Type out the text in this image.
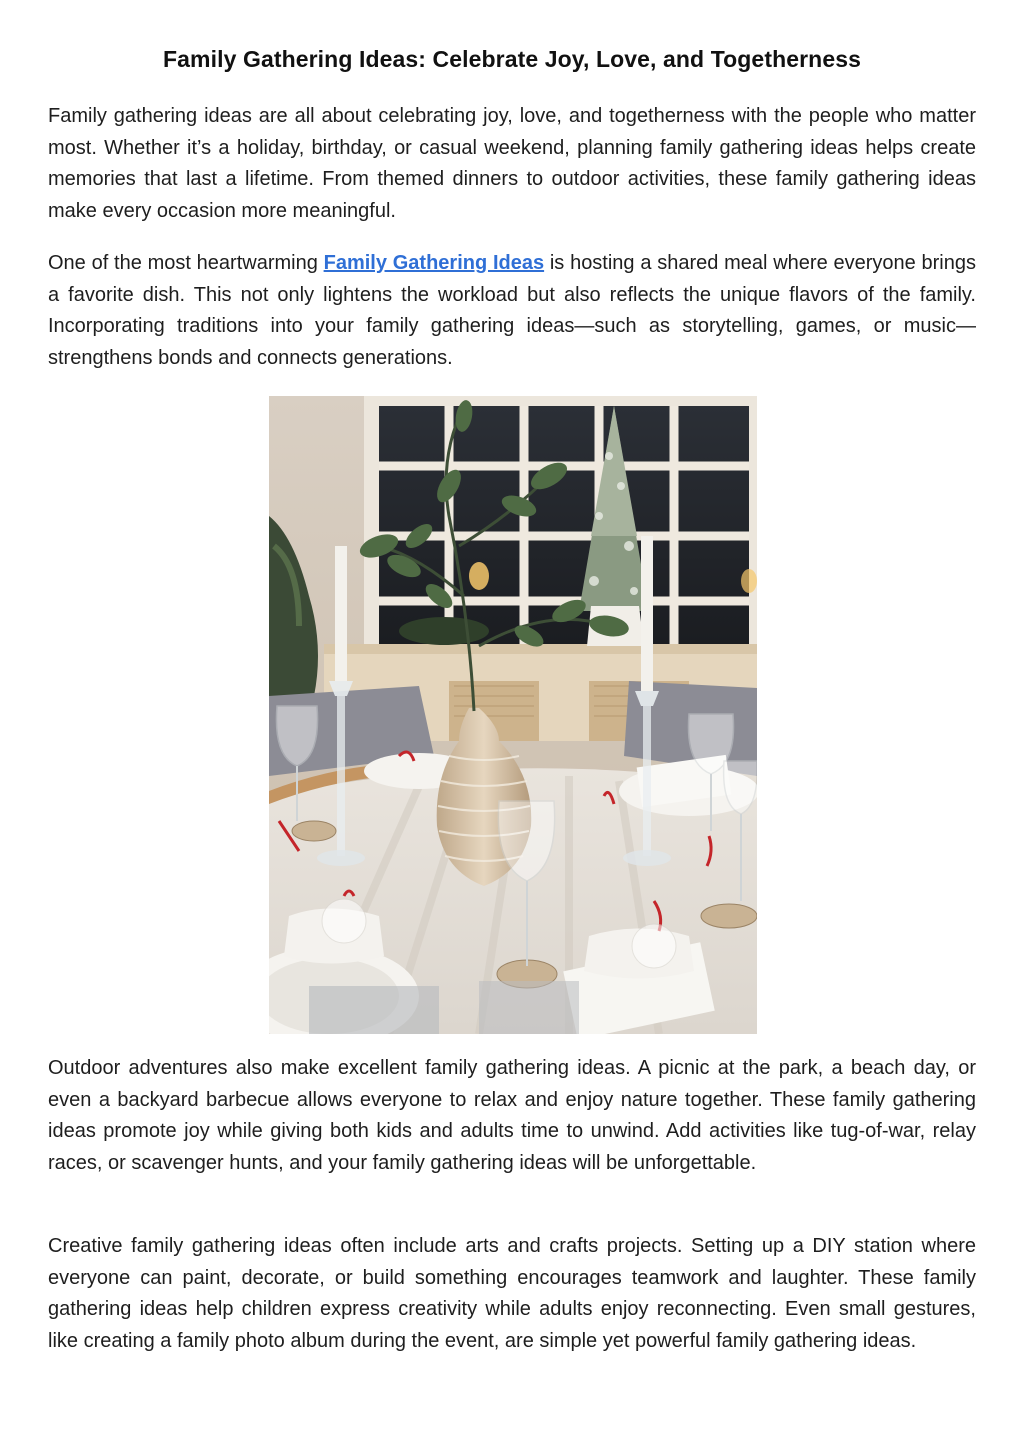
Family Gathering Ideas: Celebrate Joy, Love, and Togetherness

Family gathering ideas are all about celebrating joy, love, and togetherness with the people who matter most. Whether it’s a holiday, birthday, or casual weekend, planning family gathering ideas helps create memories that last a lifetime. From themed dinners to outdoor activities, these family gathering ideas make every occasion more meaningful.

One of the most heartwarming Family Gathering Ideas is hosting a shared meal where everyone brings a favorite dish. This not only lightens the workload but also reflects the unique flavors of the family. Incorporating traditions into your family gathering ideas—such as storytelling, games, or music—strengthens bonds and connects generations.

Outdoor adventures also make excellent family gathering ideas. A picnic at the park, a beach day, or even a backyard barbecue allows everyone to relax and enjoy nature together. These family gathering ideas promote joy while giving both kids and adults time to unwind. Add activities like tug-of-war, relay races, or scavenger hunts, and your family gathering ideas will be unforgettable.

Creative family gathering ideas often include arts and crafts projects. Setting up a DIY station where everyone can paint, decorate, or build something encourages teamwork and laughter. These family gathering ideas help children express creativity while adults enjoy reconnecting. Even small gestures, like creating a family photo album during the event, are simple yet powerful family gathering ideas.
